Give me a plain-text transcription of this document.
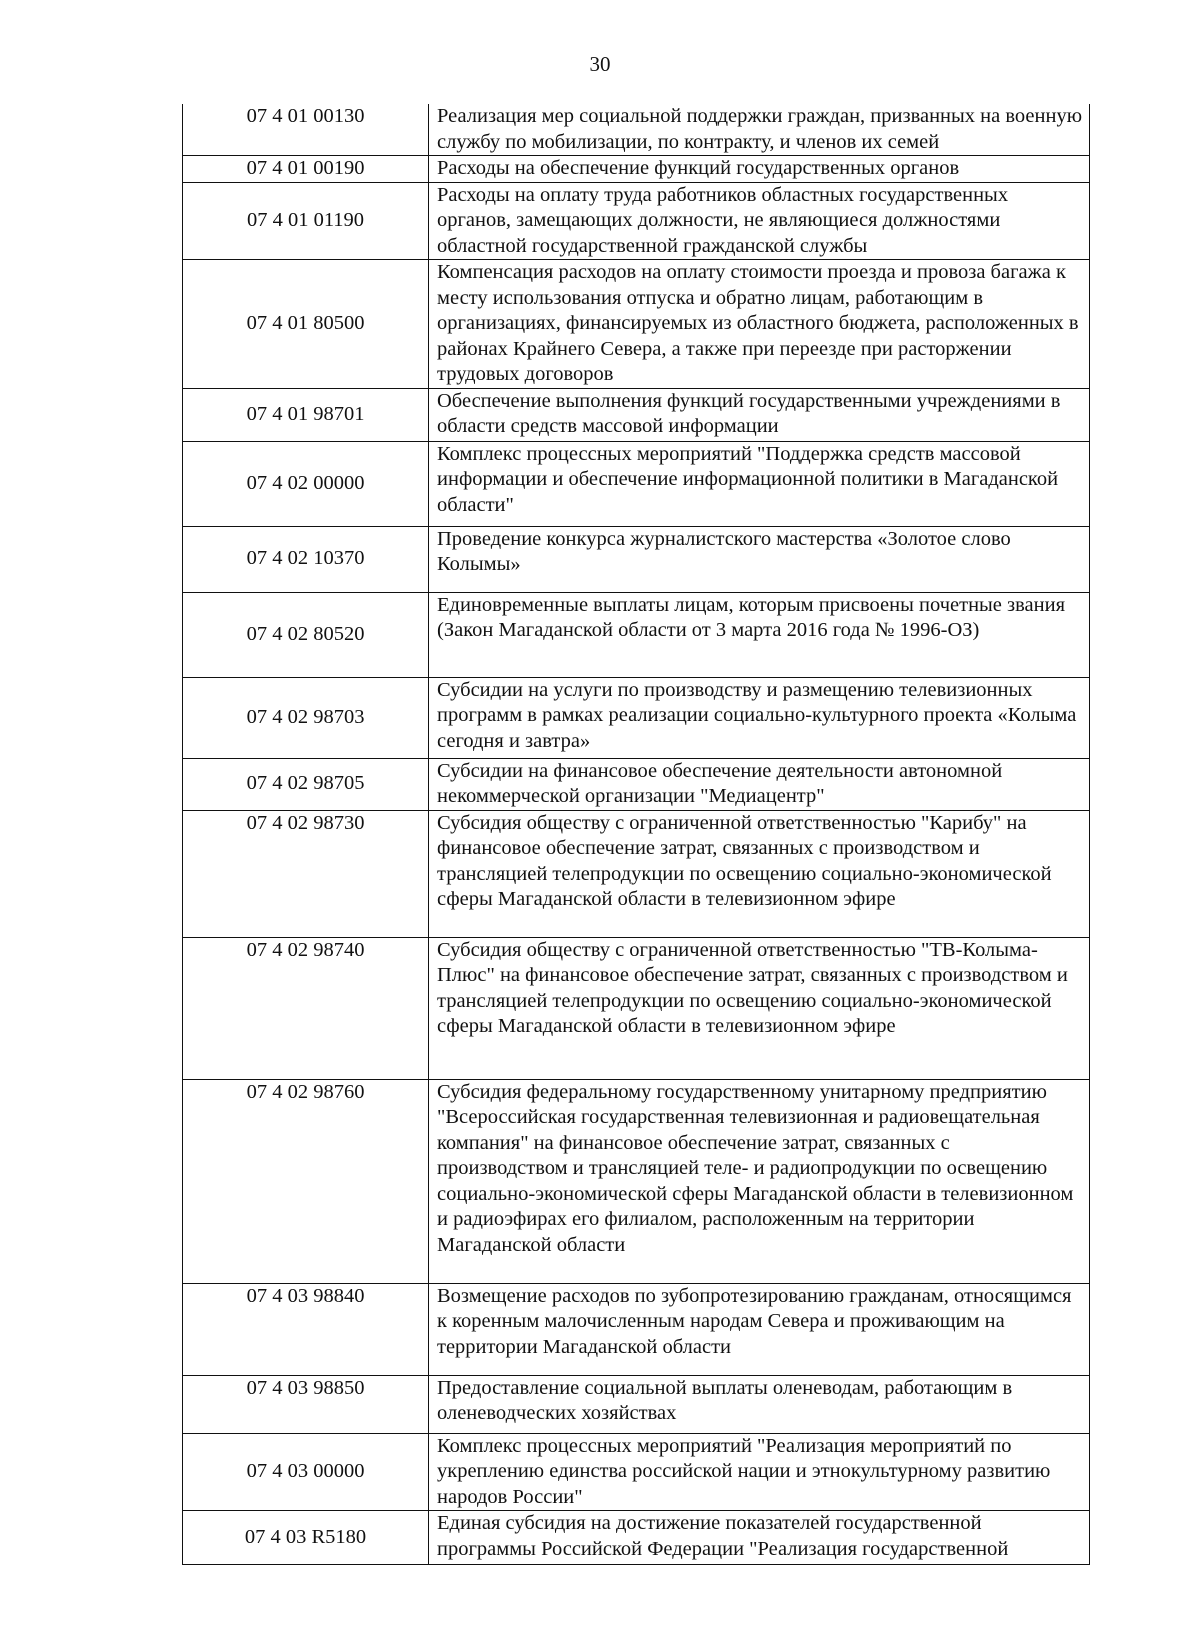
30
07 4 01 00130	Реализация мер социальной поддержки граждан, призванных на военную службу по мобилизации, по контракту, и членов их семей
07 4 01 00190	Расходы на обеспечение функций государственных органов
07 4 01 01190	Расходы на оплату труда работников областных государственных органов, замещающих должности, не являющиеся должностями областной государственной гражданской службы
07 4 01 80500	Компенсация расходов на оплату стоимости проезда и провоза багажа к месту использования отпуска и обратно лицам, работающим в организациях, финансируемых из областного бюджета, расположенных в районах Крайнего Севера, а также при переезде при расторжении трудовых договоров
07 4 01 98701	Обеспечение выполнения функций государственными учреждениями в области средств массовой информации
07 4 02 00000	Комплекс процессных мероприятий "Поддержка средств массовой информации и обеспечение информационной политики в Магаданской области"
07 4 02 10370	Проведение конкурса журналистского мастерства «Золотое слово Колымы»
07 4 02 80520	Единовременные выплаты лицам, которым присвоены почетные звания (Закон Магаданской области от 3 марта 2016 года № 1996-ОЗ)
07 4 02 98703	Субсидии на услуги по производству и размещению телевизионных программ в рамках реализации социально-культурного проекта «Колыма сегодня и завтра»
07 4 02 98705	Субсидии на финансовое обеспечение деятельности автономной некоммерческой организации "Медиацентр"
07 4 02 98730	Субсидия обществу с ограниченной ответственностью "Карибу" на финансовое обеспечение затрат, связанных с производством и трансляцией телепродукции по освещению социально-экономической сферы Магаданской области в телевизионном эфире
07 4 02 98740	Субсидия обществу с ограниченной ответственностью "ТВ-Колыма-Плюс" на финансовое обеспечение затрат, связанных с производством и трансляцией телепродукции по освещению социально-экономической сферы Магаданской области в телевизионном эфире
07 4 02 98760	Субсидия федеральному государственному унитарному предприятию "Всероссийская государственная телевизионная и радиовещательная компания" на финансовое обеспечение затрат, связанных с производством и трансляцией теле- и радиопродукции по освещению социально-экономической сферы Магаданской области в телевизионном и радиоэфирах его филиалом, расположенным на территории Магаданской области
07 4 03 98840	Возмещение расходов по зубопротезированию гражданам, относящимся к коренным малочисленным народам Севера и проживающим на территории Магаданской области
07 4 03 98850	Предоставление социальной выплаты оленеводам, работающим в оленеводческих хозяйствах
07 4 03 00000	Комплекс процессных мероприятий "Реализация мероприятий по укреплению единства российской нации и этнокультурному развитию народов России"
07 4 03 R5180	Единая субсидия на достижение показателей государственной программы Российской Федерации "Реализация государственной
